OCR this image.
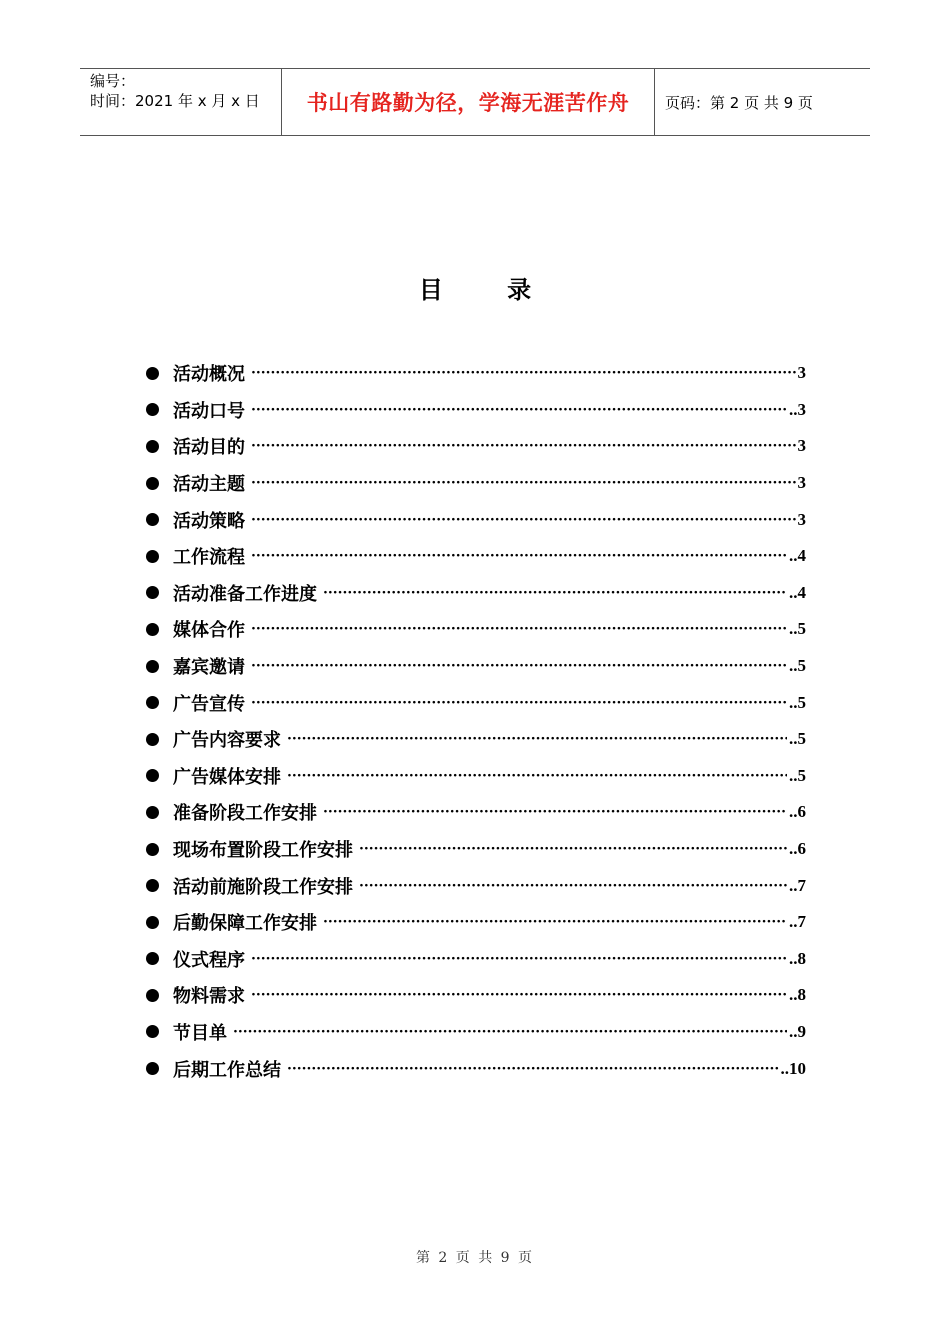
编号：
时间：2021 年 x 月 x 日	书山有路勤为径，学海无涯苦作舟 页码：第 2 页 共 9 页
目 录
活动概况 ·····	3
活动口号 ·····	..3
活动目的 ·····	3
活动主题 ·····	3
活动策略 ·····	3
工作流程 ·····	..4
活动准备工作进度 ·····	..4
媒体合作 ·····	..5
嘉宾邀请 ·····	..5
广告宣传 ·····	..5
广告内容要求 ·····	..5
广告媒体安排 ·····	..5
准备阶段工作安排 ·····	..6
现场布置阶段工作安排 ·····	..6
活动前施阶段工作安排 ·····	..7
后勤保障工作安排 ·····	..7
仪式程序 ·····	..8
物料需求 ·····	..8
节目单 ·····	..9
后期工作总结 ·····	..10
第 2 页 共 9 页
